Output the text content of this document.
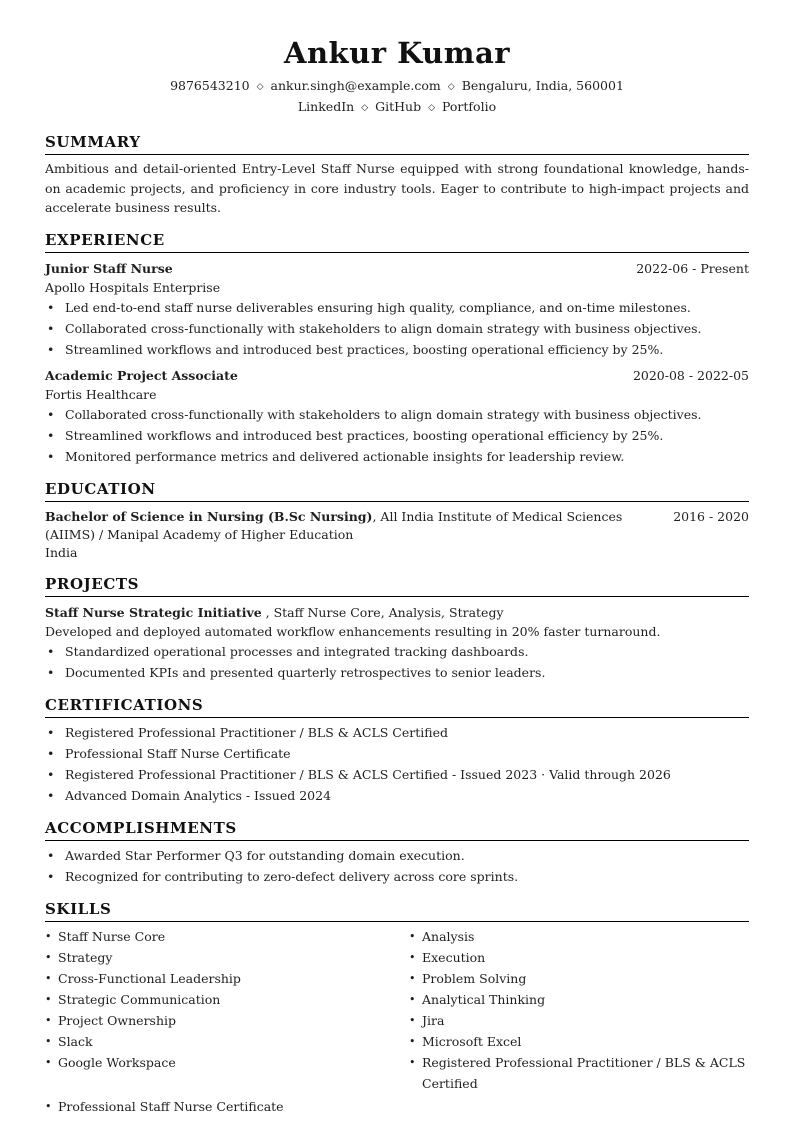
Ankur Kumar
9876543210 ◇ ankur.singh@example.com ◇ Bengaluru, India, 560001
LinkedIn ◇ GitHub ◇ Portfolio
SUMMARY
Ambitious and detail-oriented Entry-Level Staff Nurse equipped with strong foundational knowledge, hands-on academic projects, and proficiency in core industry tools. Eager to contribute to high-impact projects and accelerate business results.
EXPERIENCE
Junior Staff Nurse	2022-06 - Present
Apollo Hospitals Enterprise
• Led end-to-end staff nurse deliverables ensuring high quality, compliance, and on-time milestones.
• Collaborated cross-functionally with stakeholders to align domain strategy with business objectives.
• Streamlined workflows and introduced best practices, boosting operational efficiency by 25%.
Academic Project Associate	2020-08 - 2022-05
Fortis Healthcare
• Collaborated cross-functionally with stakeholders to align domain strategy with business objectives.
• Streamlined workflows and introduced best practices, boosting operational efficiency by 25%.
• Monitored performance metrics and delivered actionable insights for leadership review.
EDUCATION
Bachelor of Science in Nursing (B.Sc Nursing), All India Institute of Medical Sciences (AIIMS) / Manipal Academy of Higher Education
India
2016 - 2020
PROJECTS
Staff Nurse Strategic Initiative , Staff Nurse Core, Analysis, Strategy
Developed and deployed automated workflow enhancements resulting in 20% faster turnaround.
• Standardized operational processes and integrated tracking dashboards.
• Documented KPIs and presented quarterly retrospectives to senior leaders.
CERTIFICATIONS
• Registered Professional Practitioner / BLS & ACLS Certified
• Professional Staff Nurse Certificate
• Registered Professional Practitioner / BLS & ACLS Certified - Issued 2023 · Valid through 2026
• Advanced Domain Analytics - Issued 2024
ACCOMPLISHMENTS
• Awarded Star Performer Q3 for outstanding domain execution.
• Recognized for contributing to zero-defect delivery across core sprints.
SKILLS
• Staff Nurse Core	• Analysis
• Strategy	• Execution
• Cross-Functional Leadership	• Problem Solving
• Strategic Communication	• Analytical Thinking
• Project Ownership	• Jira
• Slack	• Microsoft Excel
• Google Workspace	• Registered Professional Practitioner / BLS & ACLS Certified
• Professional Staff Nurse Certificate
